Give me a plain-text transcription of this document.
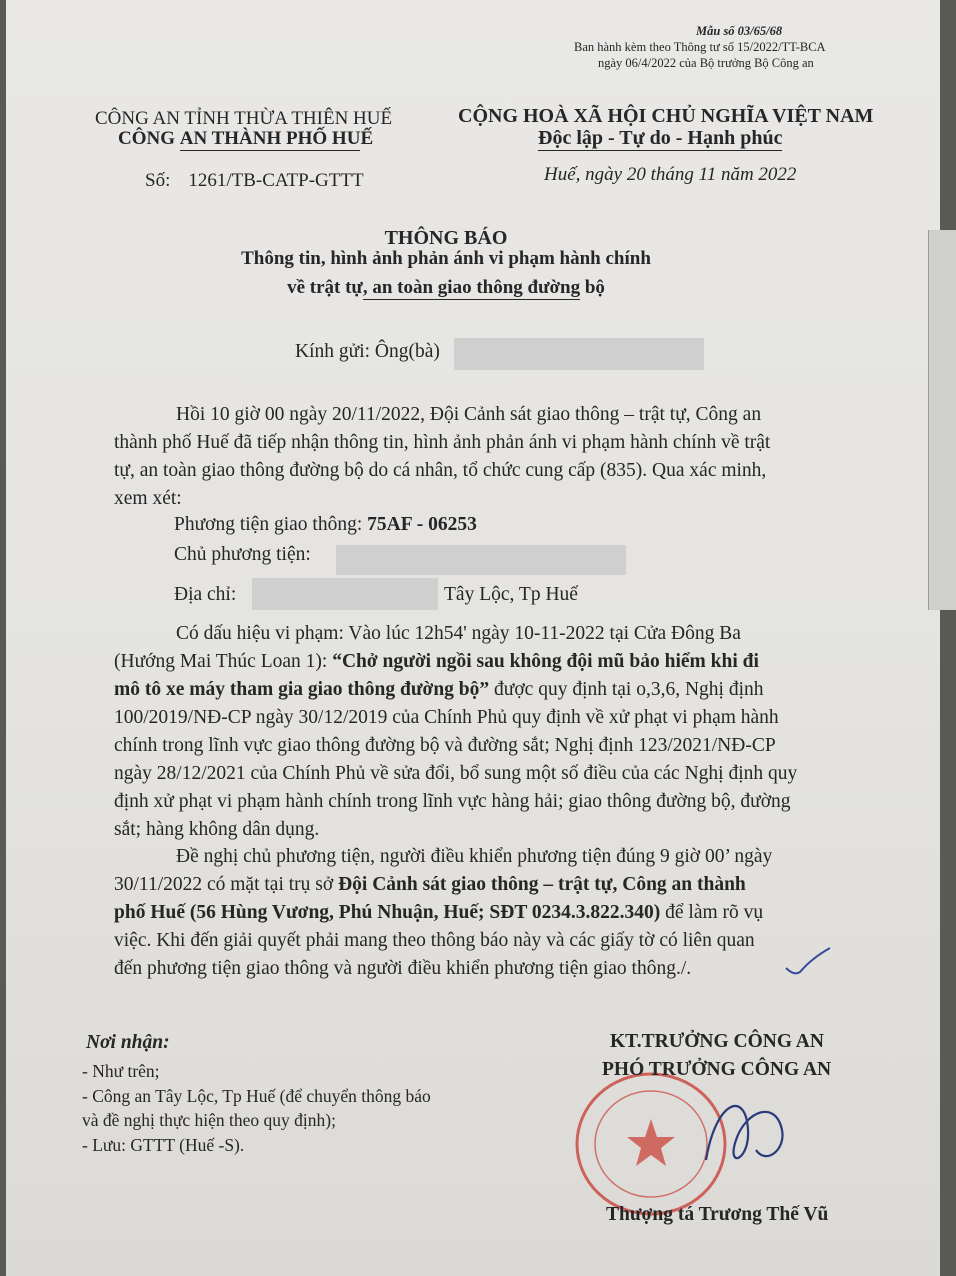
Mẫu số 03/65/68
Ban hành kèm theo Thông tư số 15/2022/TT-BCA
ngày 06/4/2022 của Bộ trưởng Bộ Công an
CÔNG AN TỈNH THỪA THIÊN HUẾ
CÔNG AN THÀNH PHỐ HUẾ
CỘNG HOÀ XÃ HỘI CHỦ NGHĨA VIỆT NAM
Độc lập - Tự do - Hạnh phúc
Số: 1261/TB-CATP-GTTT	Huế, ngày 20 tháng 11 năm 2022
THÔNG BÁO
Thông tin, hình ảnh phản ánh vi phạm hành chính
về trật tự, an toàn giao thông đường bộ
Kính gửi: Ông(bà)
Hồi 10 giờ 00 ngày 20/11/2022, Đội Cảnh sát giao thông – trật tự, Công an
thành phố Huế đã tiếp nhận thông tin, hình ảnh phản ánh vi phạm hành chính về trật
tự, an toàn giao thông đường bộ do cá nhân, tổ chức cung cấp (835). Qua xác minh,
xem xét:
Phương tiện giao thông: 75AF - 06253
Chủ phương tiện:
Địa chỉ:	Tây Lộc, Tp Huế
Có dấu hiệu vi phạm: Vào lúc 12h54' ngày 10-11-2022 tại Cửa Đông Ba
(Hướng Mai Thúc Loan 1): “Chở người ngồi sau không đội mũ bảo hiểm khi đi
mô tô xe máy tham gia giao thông đường bộ” được quy định tại o,3,6, Nghị định
100/2019/NĐ-CP ngày 30/12/2019 của Chính Phủ quy định về xử phạt vi phạm hành
chính trong lĩnh vực giao thông đường bộ và đường sắt; Nghị định 123/2021/NĐ-CP
ngày 28/12/2021 của Chính Phủ về sửa đổi, bổ sung một số điều của các Nghị định quy
định xử phạt vi phạm hành chính trong lĩnh vực hàng hải; giao thông đường bộ, đường
sắt; hàng không dân dụng.
Đề nghị chủ phương tiện, người điều khiển phương tiện đúng 9 giờ 00’ ngày
30/11/2022 có mặt tại trụ sở Đội Cảnh sát giao thông – trật tự, Công an thành
phố Huế (56 Hùng Vương, Phú Nhuận, Huế; SĐT 0234.3.822.340) để làm rõ vụ
việc. Khi đến giải quyết phải mang theo thông báo này và các giấy tờ có liên quan
đến phương tiện giao thông và người điều khiển phương tiện giao thông./.
Nơi nhận:
- Như trên;
- Công an Tây Lộc, Tp Huế (để chuyển thông báo
và đề nghị thực hiện theo quy định);
- Lưu: GTTT (Huế -S).
KT.TRƯỞNG CÔNG AN
PHÓ TRƯỞNG CÔNG AN
Thượng tá Trương Thế Vũ
